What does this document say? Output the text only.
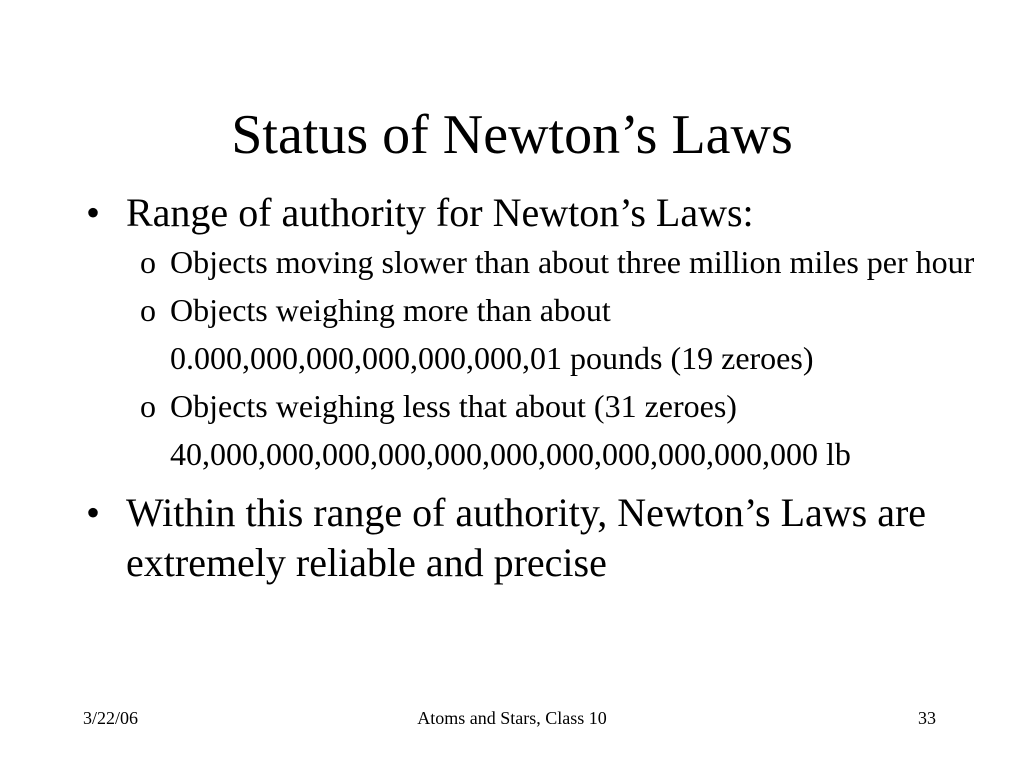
Status of Newton’s Laws
• Range of authority for Newton’s Laws:
o Objects moving slower than about three million miles per hour
o Objects weighing more than about 0.000,000,000,000,000,000,01 pounds (19 zeroes)
o Objects weighing less that about (31 zeroes) 40,000,000,000,000,000,000,000,000,000,000,000 lb
• Within this range of authority, Newton’s Laws are extremely reliable and precise
3/22/06	Atoms and Stars, Class 10	33
